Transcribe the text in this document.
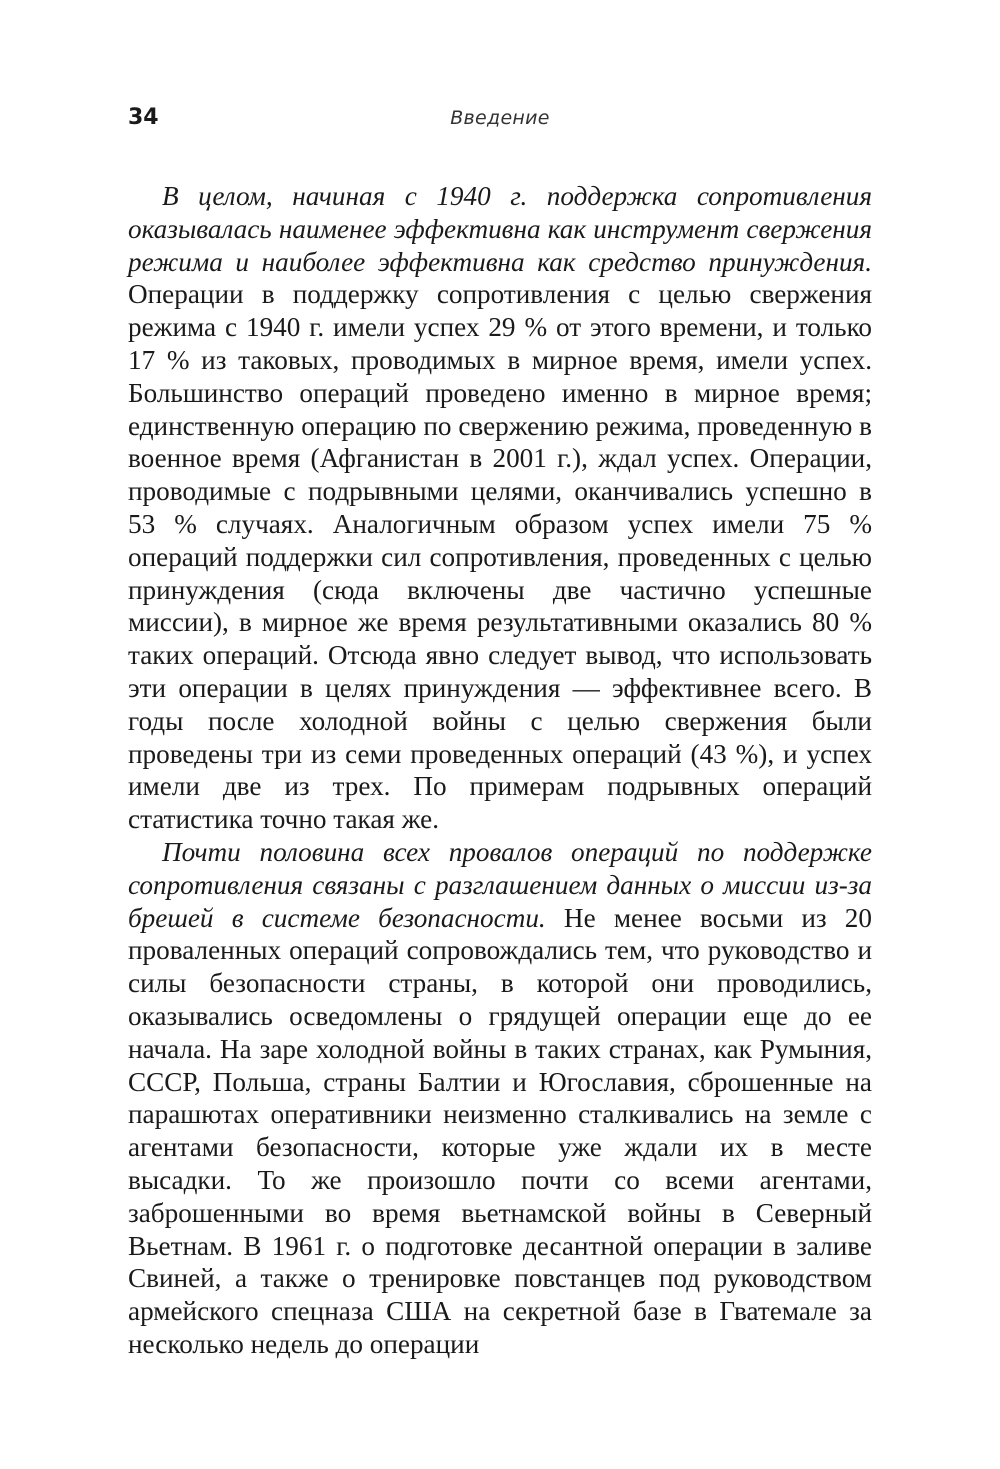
34	Введение

В целом, начиная с 1940 г. поддержка сопротивления оказывалась наименее эффективна как инструмент свержения режима и наиболее эффективна как средство принуждения. Операции в поддержку сопротивления с целью свержения режима с 1940 г. имели успех 29 % от этого времени, и только 17 % из таковых, проводимых в мирное время, имели успех. Большинство операций проведено именно в мирное время; единственную операцию по свержению режима, проведенную в военное время (Афганистан в 2001 г.), ждал успех. Операции, проводимые с подрывными целями, оканчивались успешно в 53 % случаях. Аналогичным образом успех имели 75 % операций поддержки сил сопротивления, проведенных с целью принуждения (сюда включены две частично успешные миссии), в мирное же время результативными оказались 80 % таких операций. Отсюда явно следует вывод, что использовать эти операции в целях принуждения — эффективнее всего. В годы после холодной войны с целью свержения были проведены три из семи проведенных операций (43 %), и успех имели две из трех. По примерам подрывных операций статистика точно такая же.

Почти половина всех провалов операций по поддержке сопротивления связаны с разглашением данных о миссии из-за брешей в системе безопасности. Не менее восьми из 20 проваленных операций сопровождались тем, что руководство и силы безопасности страны, в которой они проводились, оказывались осведомлены о грядущей операции еще до ее начала. На заре холодной войны в таких странах, как Румыния, СССР, Польша, страны Балтии и Югославия, сброшенные на парашютах оперативники неизменно сталкивались на земле с агентами безопасности, которые уже ждали их в месте высадки. То же произошло почти со всеми агентами, заброшенными во время вьетнамской войны в Северный Вьетнам. В 1961 г. о подготовке десантной операции в заливе Свиней, а также о тренировке повстанцев под руководством армейского спецназа США на секретной базе в Гватемале за несколько недель до операции
